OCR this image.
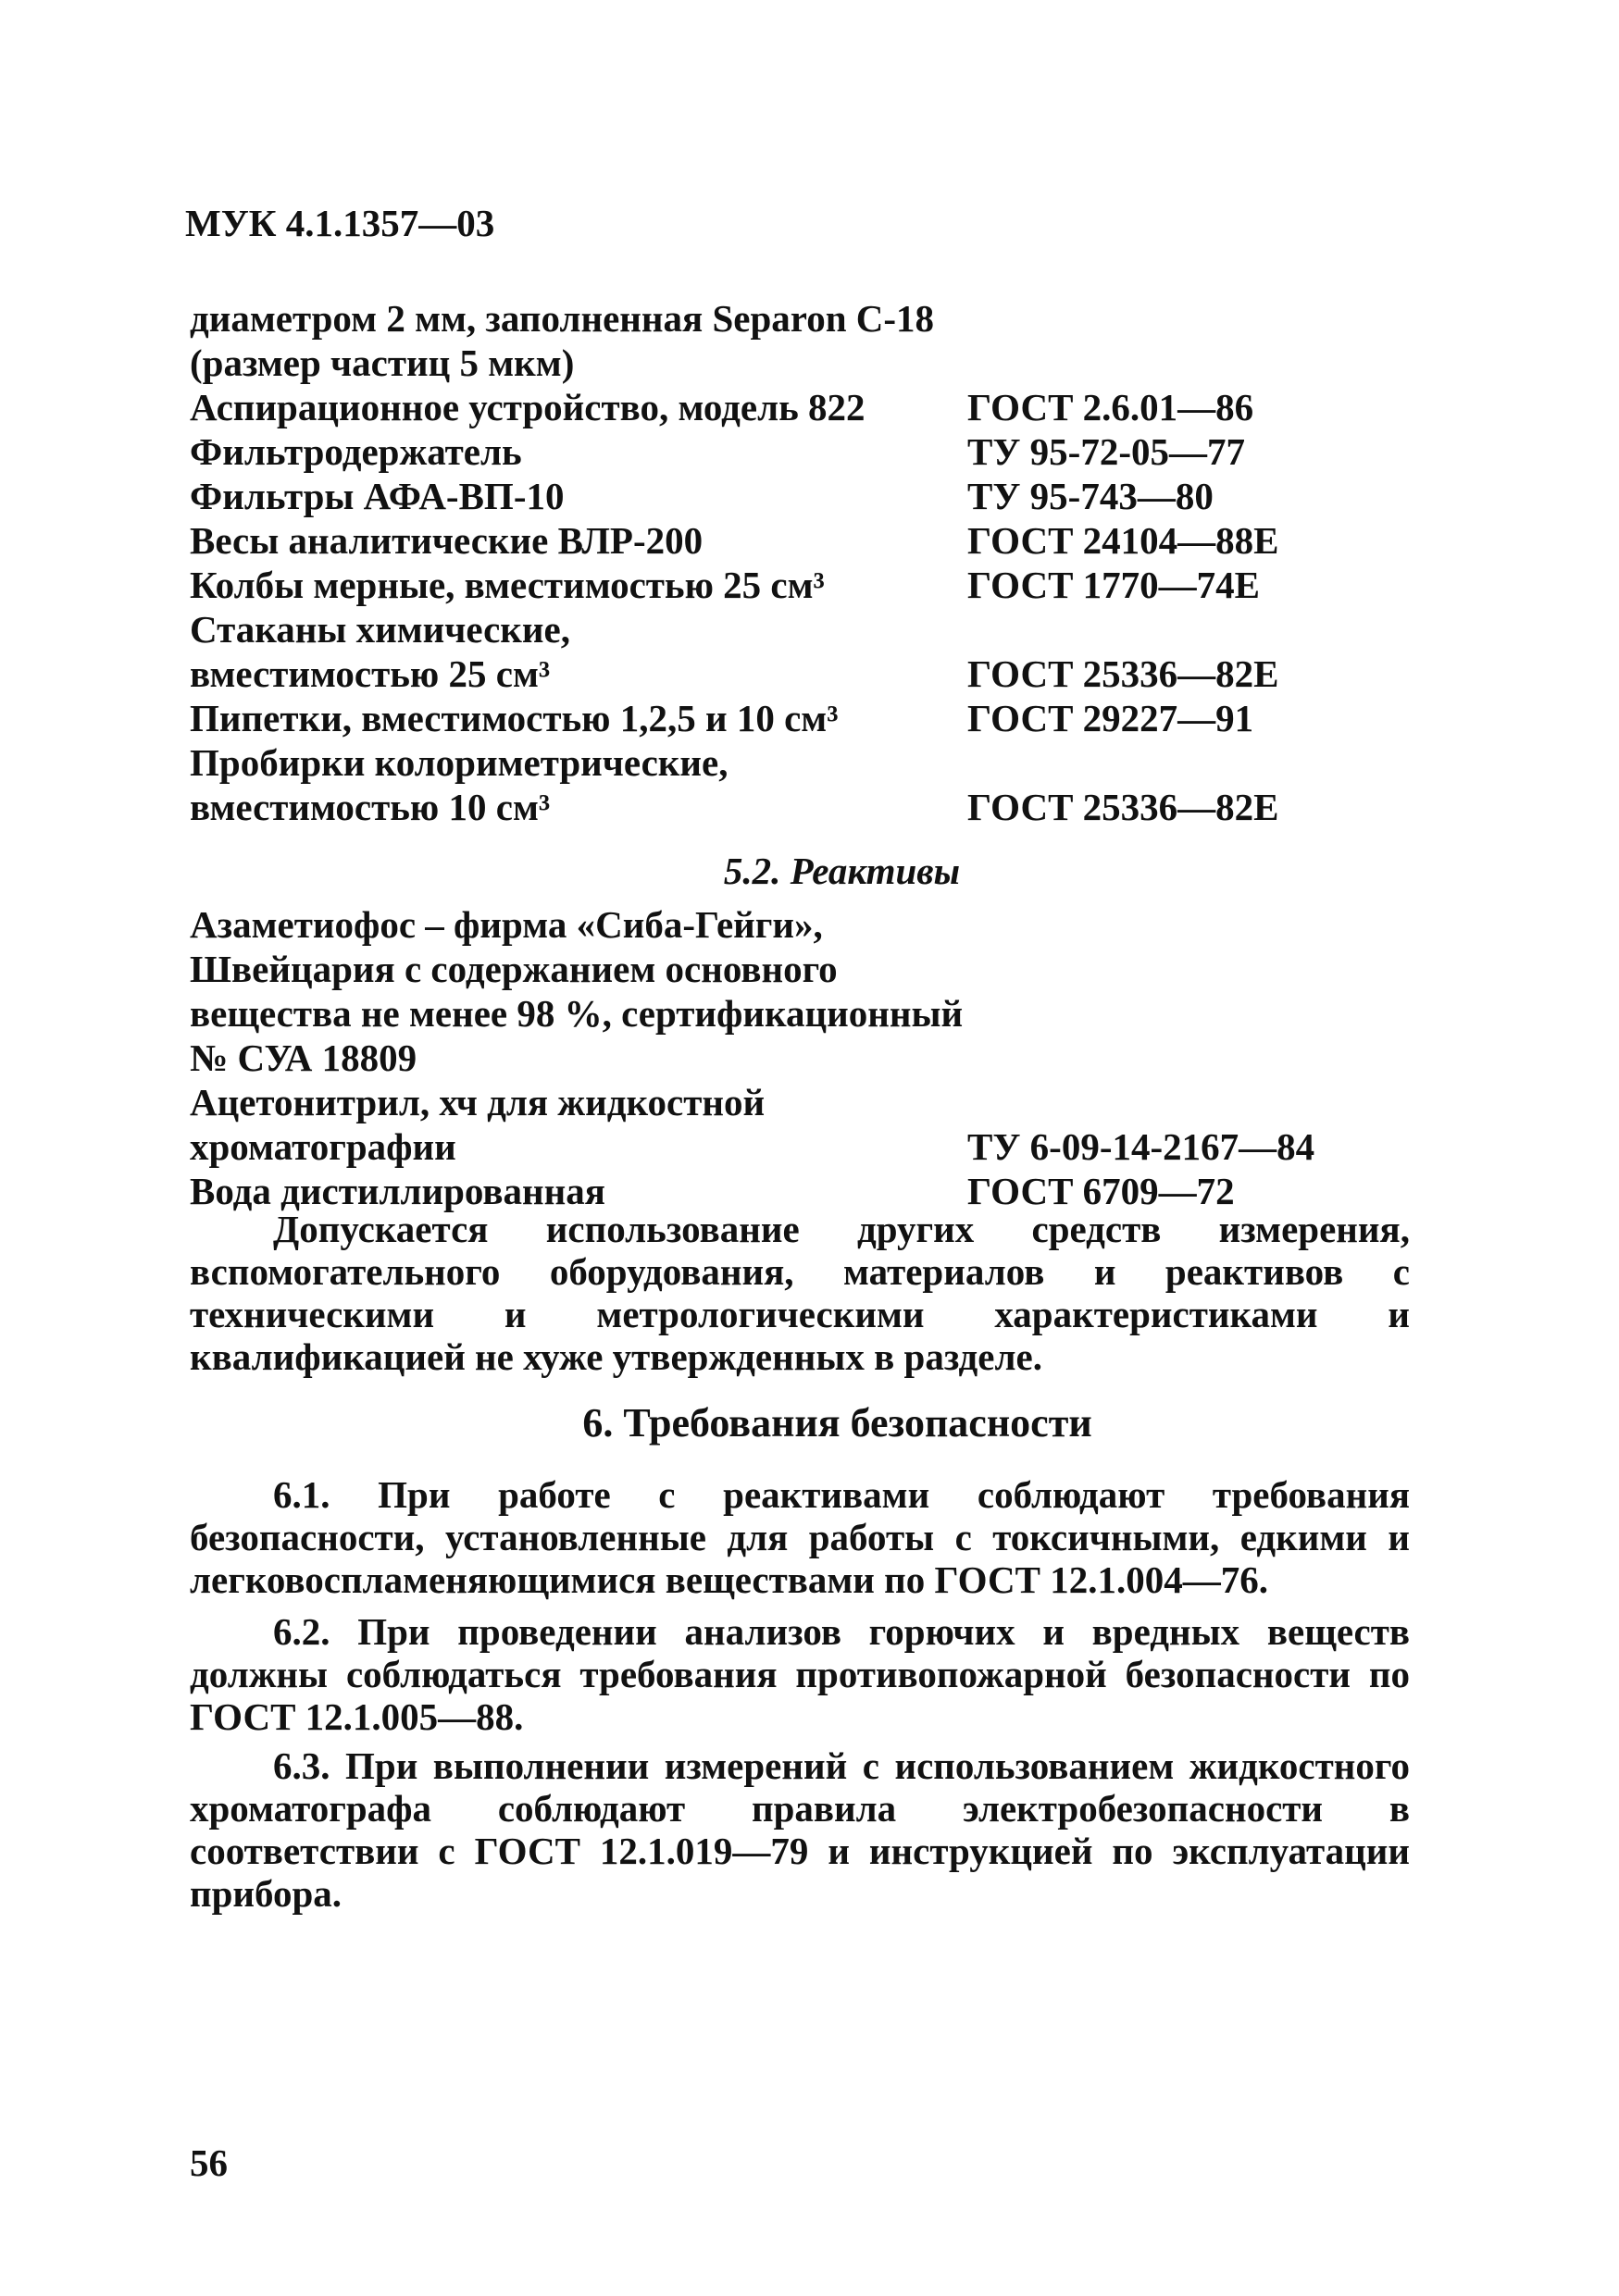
МУК 4.1.1357—03
диаметром 2 мм, заполненная Separon С-18
(размер частиц 5 мкм)
Аспирационное устройство, модель 822	ГОСТ 2.6.01—86
Фильтродержатель	ТУ 95-72-05—77
Фильтры АФА-ВП-10	ТУ 95-743—80
Весы аналитические ВЛР-200	ГОСТ 24104—88Е
Колбы мерные, вместимостью 25 см³	ГОСТ 1770—74Е
Стаканы химические,
вместимостью 25 см³	ГОСТ 25336—82Е
Пипетки, вместимостью 1,2,5 и 10 см³	ГОСТ 29227—91
Пробирки колориметрические,
вместимостью 10 см³	ГОСТ 25336—82Е
5.2. Реактивы
Азаметиофос – фирма «Сиба-Гейги»,
Швейцария с содержанием основного
вещества не менее 98 %, сертификационный
№ СУА 18809
Ацетонитрил, хч для жидкостной
хроматографии	ТУ 6-09-14-2167—84
Вода дистиллированная	ГОСТ 6709—72
Допускается использование других средств измерения, вспомогательного оборудования, материалов и реактивов с техническими и метрологическими характеристиками и квалификацией не хуже утвержденных в разделе.
6. Требования безопасности
6.1. При работе с реактивами соблюдают требования безопасности, установленные для работы с токсичными, едкими и легковоспламеняющимися веществами по ГОСТ 12.1.004—76.
6.2. При проведении анализов горючих и вредных веществ должны соблюдаться требования противопожарной безопасности по ГОСТ 12.1.005—88.
6.3. При выполнении измерений с использованием жидкостного хроматографа соблюдают правила электробезопасности в соответствии с ГОСТ 12.1.019—79 и инструкцией по эксплуатации прибора.
56
